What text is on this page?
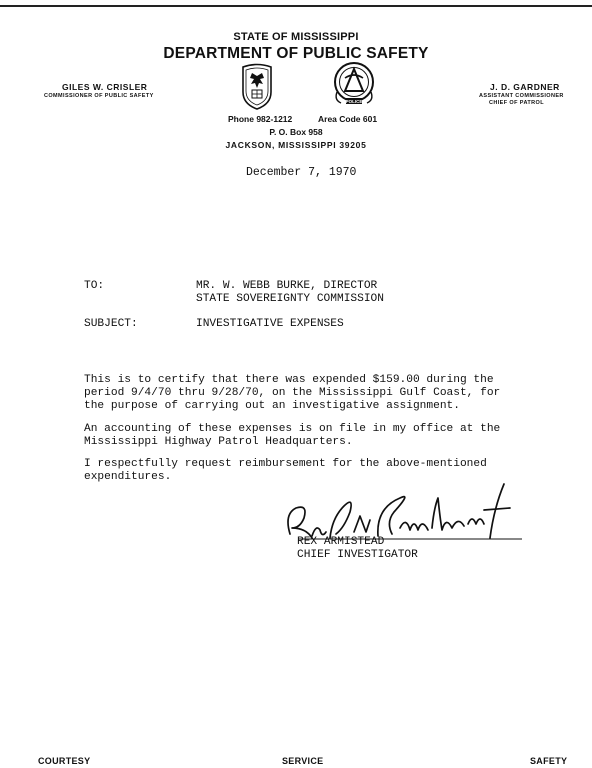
STATE OF MISSISSIPPI
DEPARTMENT OF PUBLIC SAFETY
GILES W. CRISLER
COMMISSIONER OF PUBLIC SAFETY
J. D. GARDNER
ASSISTANT COMMISSIONER
CHIEF OF PATROL
POLICE
Phone 982-1212	Area Code 601
P. O. Box 958
JACKSON, MISSISSIPPI 39205
December 7, 1970
TO:	MR. W. WEBB BURKE, DIRECTOR
STATE SOVEREIGNTY COMMISSION
SUBJECT:	INVESTIGATIVE EXPENSES
This is to certify that there was expended $159.00 during the
period 9/4/70 thru 9/28/70, on the Mississippi Gulf Coast, for
the purpose of carrying out an investigative assignment.
An accounting of these expenses is on file in my office at the
Mississippi Highway Patrol Headquarters.
I respectfully request reimbursement for the above-mentioned
expenditures.
REX ARMISTEAD
CHIEF INVESTIGATOR
COURTESY	SERVICE	SAFETY
